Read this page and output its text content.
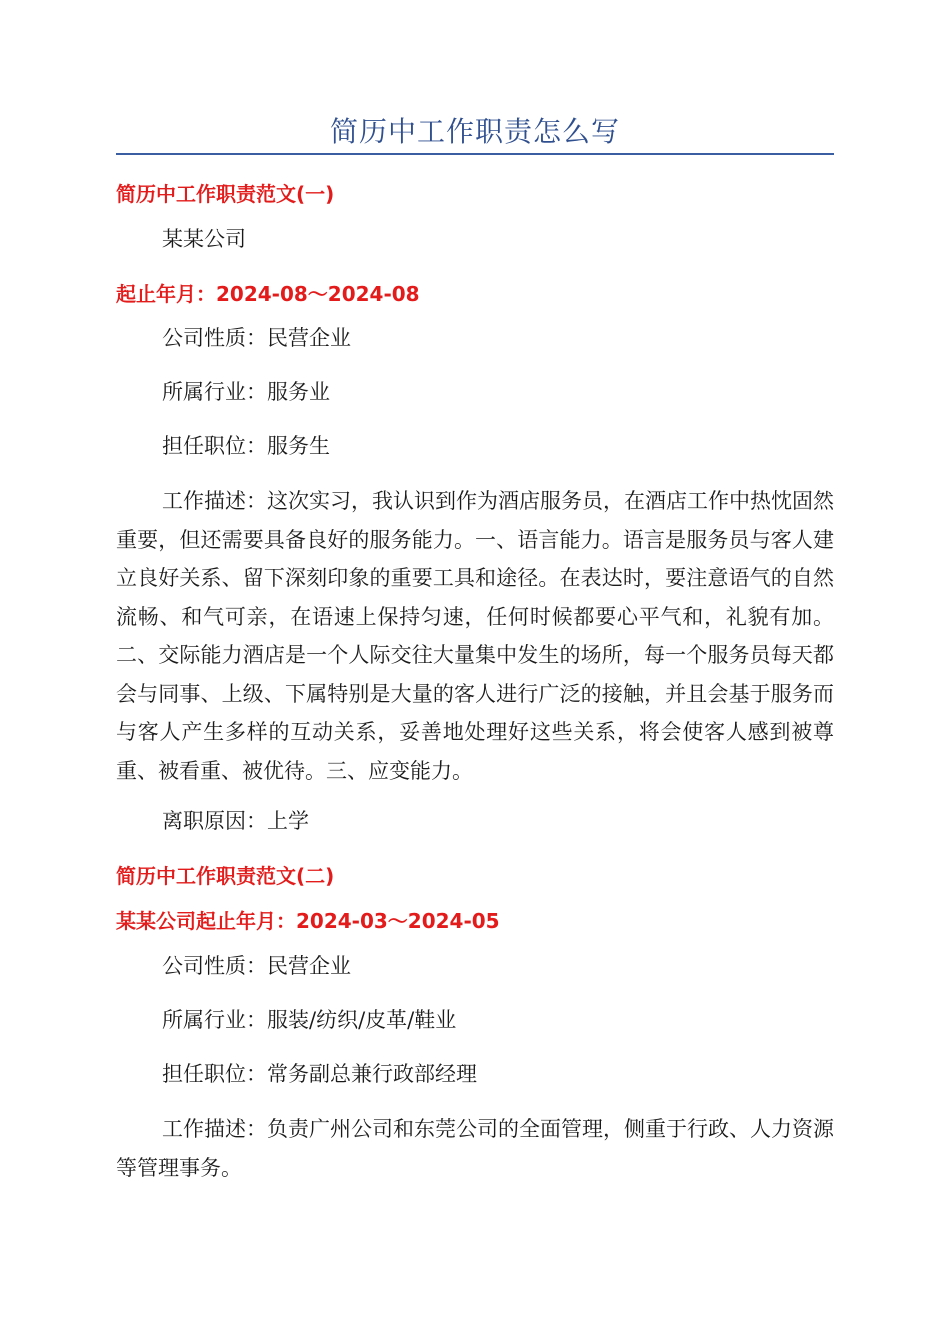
简历中工作职责怎么写
简历中工作职责范文(一)

某某公司

起止年月：2024-08～2024-08

公司性质：民营企业

所属行业：服务业

担任职位：服务生

工作描述：这次实习，我认识到作为酒店服务员，在酒店工作中热忱固然重要，但还需要具备良好的服务能力。一、语言能力。语言是服务员与客人建立良好关系、留下深刻印象的重要工具和途径。在表达时，要注意语气的自然流畅、和气可亲，在语速上保持匀速，任何时候都要心平气和，礼貌有加。二、交际能力酒店是一个人际交往大量集中发生的场所，每一个服务员每天都会与同事、上级、下属特别是大量的客人进行广泛的接触，并且会基于服务而与客人产生多样的互动关系，妥善地处理好这些关系，将会使客人感到被尊重、被看重、被优待。三、应变能力。

离职原因：上学

简历中工作职责范文(二)
某某公司起止年月：2024-03～2024-05

公司性质：民营企业

所属行业：服装/纺织/皮革/鞋业

担任职位：常务副总兼行政部经理

工作描述：负责广州公司和东莞公司的全面管理，侧重于行政、人力资源等管理事务。
